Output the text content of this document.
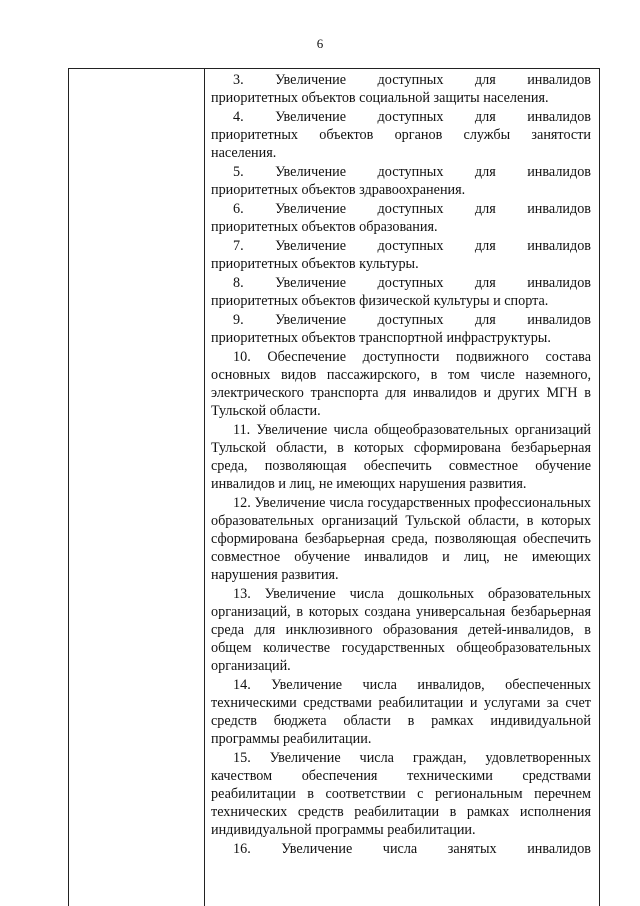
6
3. Увеличение доступных для инвалидов
приоритетных объектов социальной защиты населения.
4. Увеличение доступных для инвалидов
приоритетных объектов органов службы занятости
населения.
5. Увеличение доступных для инвалидов
приоритетных объектов здравоохранения.
6. Увеличение доступных для инвалидов
приоритетных объектов образования.
7. Увеличение доступных для инвалидов
приоритетных объектов культуры.
8. Увеличение доступных для инвалидов
приоритетных объектов физической культуры и спорта.
9. Увеличение доступных для инвалидов
приоритетных объектов транспортной инфраструктуры.
10. Обеспечение доступности подвижного состава основных видов пассажирского, в том числе наземного, электрического транспорта для инвалидов и других МГН в Тульской области.
11. Увеличение числа общеобразовательных организаций Тульской области, в которых сформирована безбарьерная среда, позволяющая обеспечить совместное обучение инвалидов и лиц, не имеющих нарушения развития.
12. Увеличение числа государственных профессиональных образовательных организаций Тульской области, в которых сформирована безбарьерная среда, позволяющая обеспечить совместное обучение инвалидов и лиц, не имеющих нарушения развития.
13. Увеличение числа дошкольных образовательных организаций, в которых создана универсальная безбарьерная среда для инклюзивного образования детей-инвалидов, в общем количестве государственных общеобразовательных организаций.
14. Увеличение числа инвалидов, обеспеченных техническими средствами реабилитации и услугами за счет средств бюджета области в рамках индивидуальной программы реабилитации.
15. Увеличение числа граждан, удовлетворенных качеством обеспечения техническими средствами реабилитации в соответствии с региональным перечнем технических средств реабилитации в рамках исполнения индивидуальной программы реабилитации.
16. Увеличение числа занятых инвалидов
